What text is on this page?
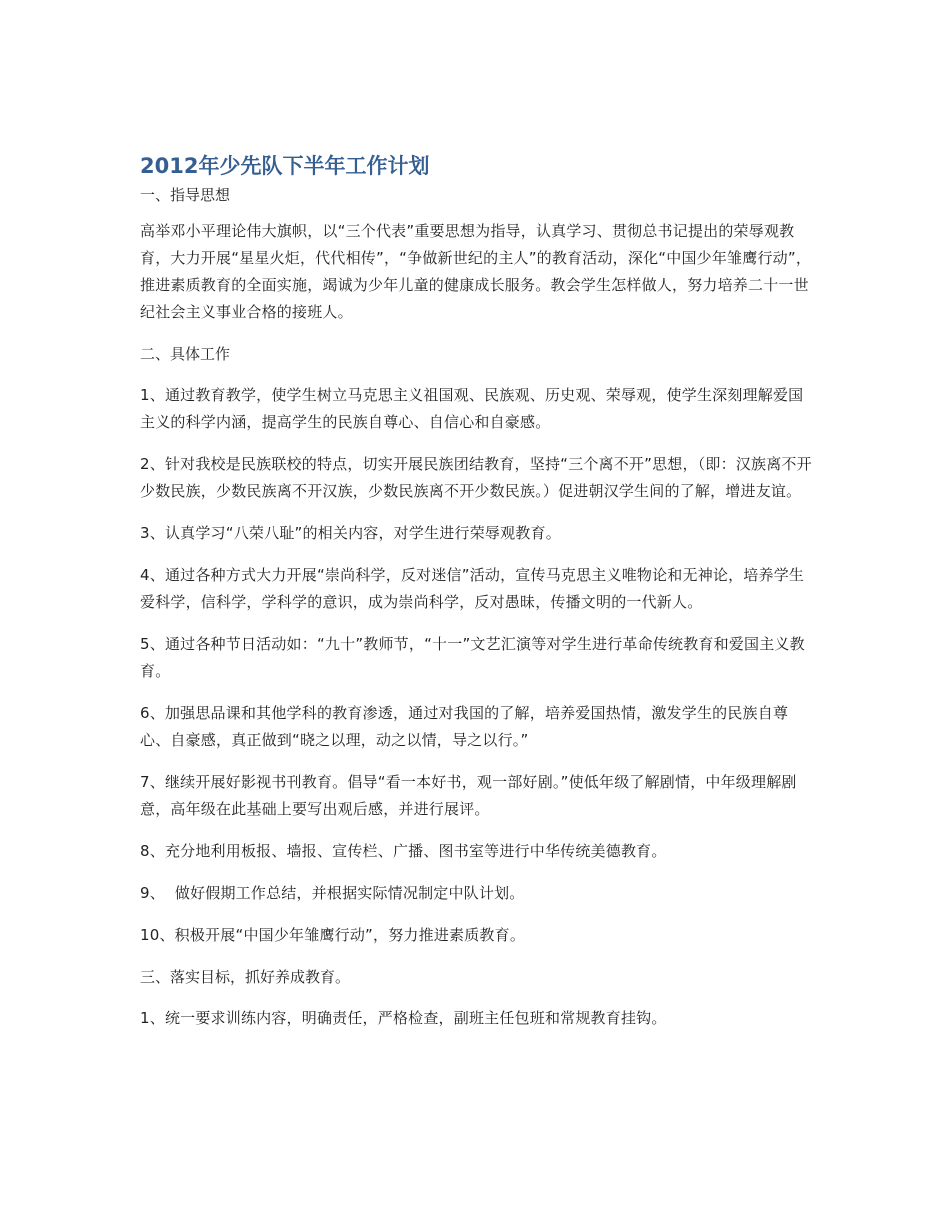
2012年少先队下半年工作计划

一、指导思想

高举邓小平理论伟大旗帜，以“三个代表”重要思想为指导，认真学习、贯彻总书记提出的荣辱观教育，大力开展“星星火炬，代代相传”，“争做新世纪的主人”的教育活动，深化“中国少年雏鹰行动”，推进素质教育的全面实施，竭诚为少年儿童的健康成长服务。教会学生怎样做人，努力培养二十一世纪社会主义事业合格的接班人。

二、具体工作

1、通过教育教学，使学生树立马克思主义祖国观、民族观、历史观、荣辱观，使学生深刻理解爱国主义的科学内涵，提高学生的民族自尊心、自信心和自豪感。

2、针对我校是民族联校的特点，切实开展民族团结教育，坚持“三个离不开”思想，（即：汉族离不开少数民族，少数民族离不开汉族，少数民族离不开少数民族。）促进朝汉学生间的了解，增进友谊。

3、认真学习“八荣八耻”的相关内容，对学生进行荣辱观教育。

4、通过各种方式大力开展“崇尚科学，反对迷信”活动，宣传马克思主义唯物论和无神论，培养学生爱科学，信科学，学科学的意识，成为崇尚科学，反对愚昧，传播文明的一代新人。

5、通过各种节日活动如：“九十”教师节，“十一”文艺汇演等对学生进行革命传统教育和爱国主义教育。

6、加强思品课和其他学科的教育渗透，通过对我国的了解，培养爱国热情，激发学生的民族自尊心、自豪感，真正做到“晓之以理，动之以情，导之以行。”

7、继续开展好影视书刊教育。倡导“看一本好书，观一部好剧。”使低年级了解剧情，中年级理解剧意，高年级在此基础上要写出观后感，并进行展评。

8、充分地利用板报、墙报、宣传栏、广播、图书室等进行中华传统美德教育。

9、  做好假期工作总结，并根据实际情况制定中队计划。

10、积极开展“中国少年雏鹰行动”，努力推进素质教育。

三、落实目标，抓好养成教育。

1、统一要求训练内容，明确责任，严格检查，副班主任包班和常规教育挂钩。
